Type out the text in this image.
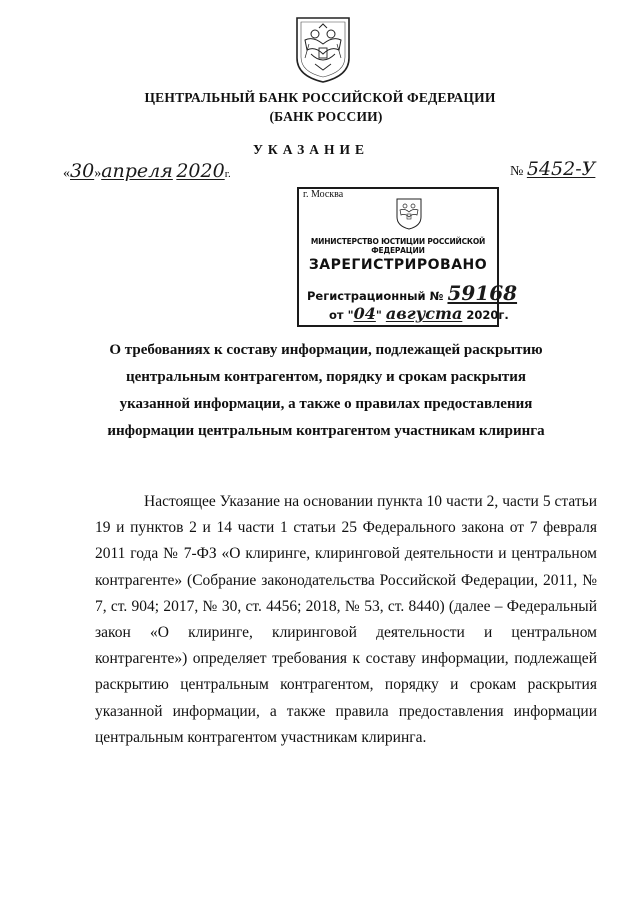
ЦЕНТРАЛЬНЫЙ БАНК РОССИЙСКОЙ ФЕДЕРАЦИИ
(БАНК РОССИИ)
УКАЗАНИЕ
«30»апреля 2020г.	№ 5452-У
г. Москва
МИНИСТЕРСТВО ЮСТИЦИИ РОССИЙСКОЙ ФЕДЕРАЦИИ
ЗАРЕГИСТРИРОВАНО
Регистрационный № 59168
от "04" августа 2020г.
О требованиях к составу информации, подлежащей раскрытию центральным контрагентом, порядку и срокам раскрытия указанной информации, а также о правилах предоставления информации центральным контрагентом участникам клиринга

Настоящее Указание на основании пункта 10 части 2, части 5 статьи 19 и пунктов 2 и 14 части 1 статьи 25 Федерального закона от 7 февраля 2011 года № 7-ФЗ «О клиринге, клиринговой деятельности и центральном контрагенте» (Собрание законодательства Российской Федерации, 2011, № 7, ст. 904; 2017, № 30, ст. 4456; 2018, № 53, ст. 8440) (далее – Федеральный закон «О клиринге, клиринговой деятельности и центральном контрагенте») определяет требования к составу информации, подлежащей раскрытию центральным контрагентом, порядку и срокам раскрытия указанной информации, а также правила предоставления информации центральным контрагентом участникам клиринга.
